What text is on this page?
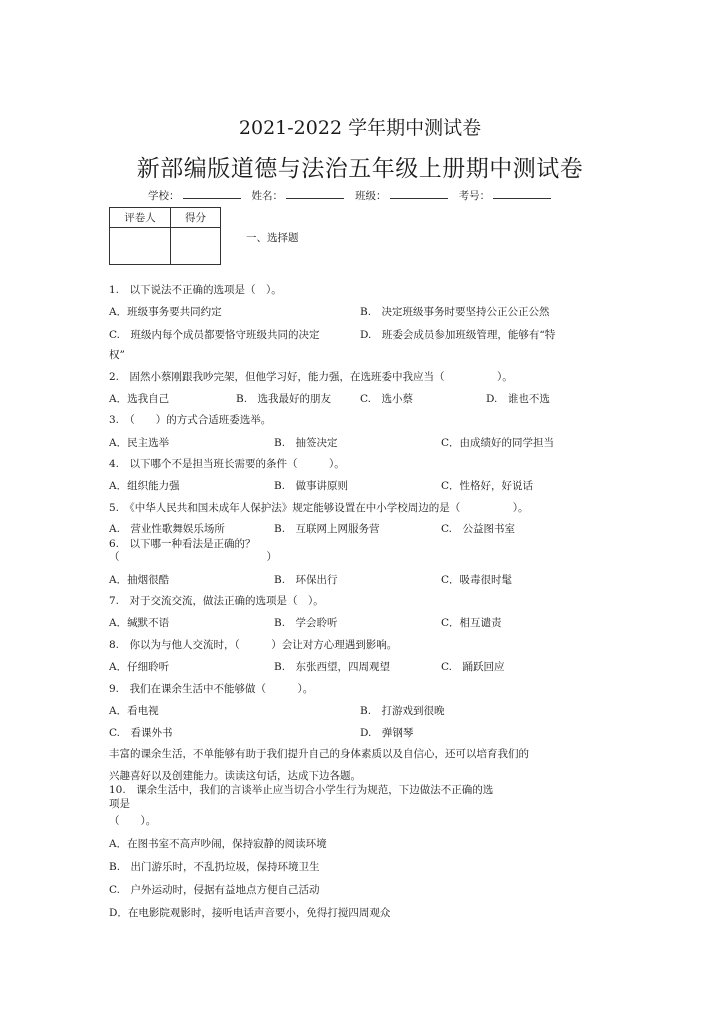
2021-2022 学年期中测试卷
新部编版道德与法治五年级上册期中测试卷
学校：	姓名：	班级：	考号：
评卷人	得分

一、选择题
1.　以下说法不正确的选项是（　）。
A．班级事务要共同约定	B.　决定班级事务时要坚持公正公正公然
C.　班级内每个成员都要恪守班级共同的决定	D.　班委会成员参加班级管理，能够有“特
权”
2.　固然小蔡刚跟我吵完架，但他学习好，能力强，在选班委中我应当（　　　　　）。
A．选我自己	B.　选我最好的朋友	C.　选小蔡	D.　谁也不选
3.　（　　）的方式合适班委选举。
A．民主选举	B.　抽签决定	C．由成绩好的同学担当
4.　以下哪个不是担当班长需要的条件（　　　）。
A．组织能力强	B.　做事讲原则	C．性格好，好说话
5.　《中华人民共和国未成年人保护法》规定能够设置在中小学校周边的是（　　　　　）。
A.　营业性歌舞娱乐场所	B.　互联网上网服务营	C.　公益图书室
6.　以下哪一种看法是正确的？
（　　　　　　　　　　　　　　）
A．抽烟很酷	B.　环保出行	C．吸毒很时髦
7.　对于交流交流，做法正确的选项是（　）。
A．缄默不语	B.　学会聆听	C．相互谴责
8.　你以为与他人交流时，（　　　）会让对方心理遇到影响。
A．仔细聆听	B.　东张西望，四周观望	C.　踊跃回应
9.　我们在课余生活中不能够做（　　　）。
A．看电视	B.　打游戏到很晚
C.　看课外书	D.　弹钢琴
丰富的课余生活，不单能够有助于我们提升自己的身体素质以及自信心，还可以培育我们的
兴趣喜好以及创建能力。读读这句话，达成下边各题。
10.　课余生活中，我们的言谈举止应当切合小学生行为规范，下边做法不正确的选
项是
（　　）。
A．在图书室不高声吵闹，保持寂静的阅读环境
B.　出门游乐时，不乱扔垃圾，保持环境卫生
C.　户外运动时，侵据有益地点方便自己活动
D．在电影院观影时，接听电话声音要小，免得打搅四周观众
